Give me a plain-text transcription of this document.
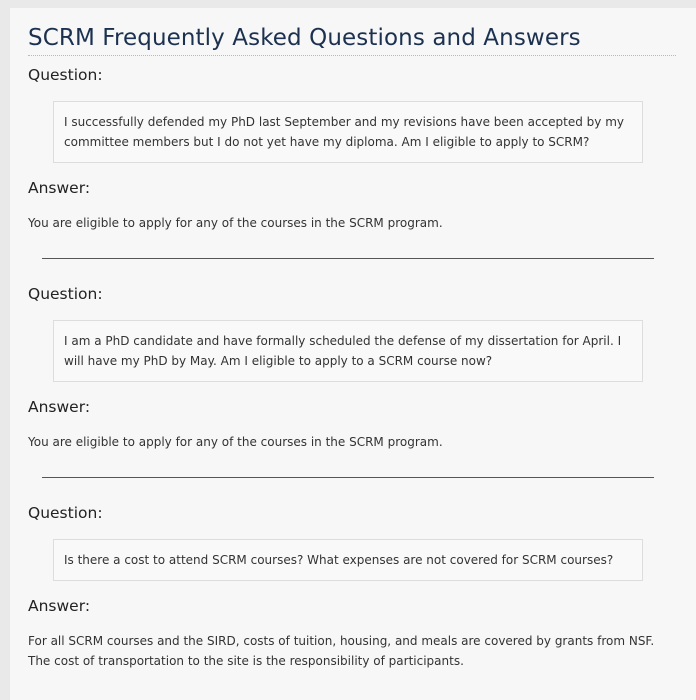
SCRM Frequently Asked Questions and Answers
Question:
I successfully defended my PhD last September and my revisions have been accepted by my committee members but I do not yet have my diploma. Am I eligible to apply to SCRM?
Answer:
You are eligible to apply for any of the courses in the SCRM program.
Question:
I am a PhD candidate and have formally scheduled the defense of my dissertation for April. I will have my PhD by May. Am I eligible to apply to a SCRM course now?
Answer:
You are eligible to apply for any of the courses in the SCRM program.
Question:
Is there a cost to attend SCRM courses? What expenses are not covered for SCRM courses?
Answer:
For all SCRM courses and the SIRD, costs of tuition, housing, and meals are covered by grants from NSF. The cost of transportation to the site is the responsibility of participants.
